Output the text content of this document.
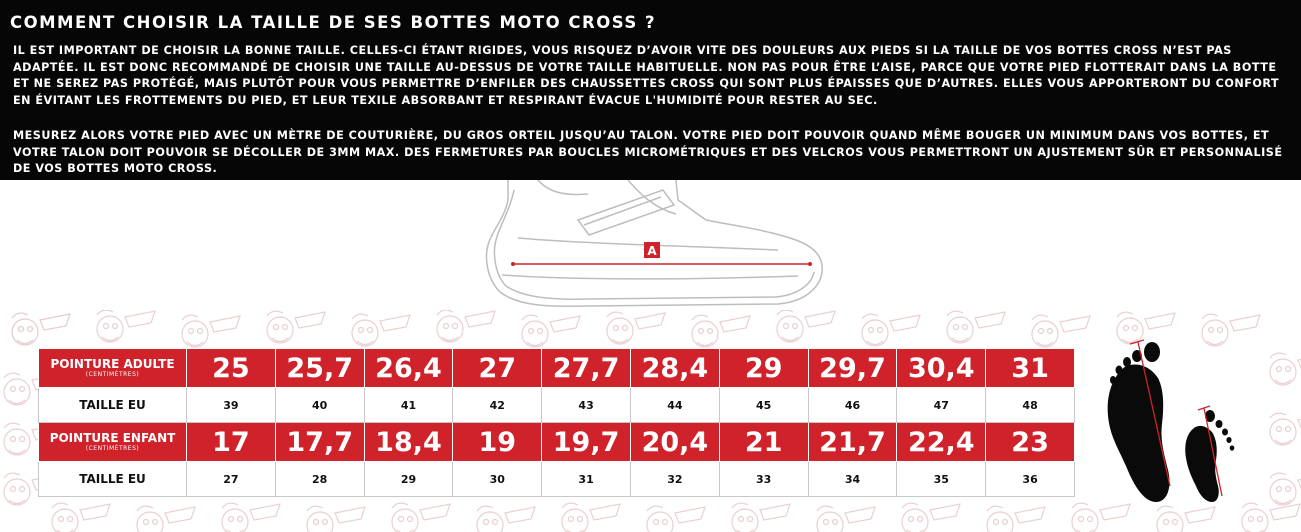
COMMENT CHOISIR LA TAILLE DE SES BOTTES MOTO CROSS ?
IL EST IMPORTANT DE CHOISIR LA BONNE TAILLE. CELLES-CI ÉTANT RIGIDES, VOUS RISQUEZ D’AVOIR VITE DES DOULEURS AUX PIEDS SI LA TAILLE DE VOS BOTTES CROSS N’EST PAS ADAPTÉE. IL EST DONC RECOMMANDÉ DE CHOISIR UNE TAILLE AU-DESSUS DE VOTRE TAILLE HABITUELLE. NON PAS POUR ÊTRE L’AISE, PARCE QUE VOTRE PIED FLOTTERAIT DANS LA BOTTE ET NE SEREZ PAS PROTÉGÉ, MAIS PLUTÔT POUR VOUS PERMETTRE D’ENFILER DES CHAUSSETTES CROSS QUI SONT PLUS ÉPAISSES QUE D’AUTRES. ELLES VOUS APPORTERONT DU CONFORT EN ÉVITANT LES FROTTEMENTS DU PIED, ET LEUR TEXILE ABSORBANT ET RESPIRANT ÉVACUE L'HUMIDITÉ POUR RESTER AU SEC.
MESUREZ ALORS VOTRE PIED AVEC UN MÈTRE DE COUTURIÈRE, DU GROS ORTEIL JUSQU’AU TALON. VOTRE PIED DOIT POUVOIR QUAND MÊME BOUGER UN MINIMUM DANS VOS BOTTES, ET VOTRE TALON DOIT POUVOIR SE DÉCOLLER DE 3MM MAX. DES FERMETURES PAR BOUCLES MICROMÉTRIQUES ET DES VELCROS VOUS PERMETTRONT UN AJUSTEMENT SÛR ET PERSONNALISÉ DE VOS BOTTES MOTO CROSS.
A
POINTURE ADULTE
(CENTIMÈTRES)	25	25,7	26,4	27	27,7	28,4	29	29,7	30,4	31

TAILLE EU	39	40	41	42	43	44	45	46	47	48

POINTURE ENFANT
(CENTIMÈTRES)	17	17,7	18,4	19	19,7	20,4	21	21,7	22,4	23

TAILLE EU	27	28	29	30	31	32	33	34	35	36
